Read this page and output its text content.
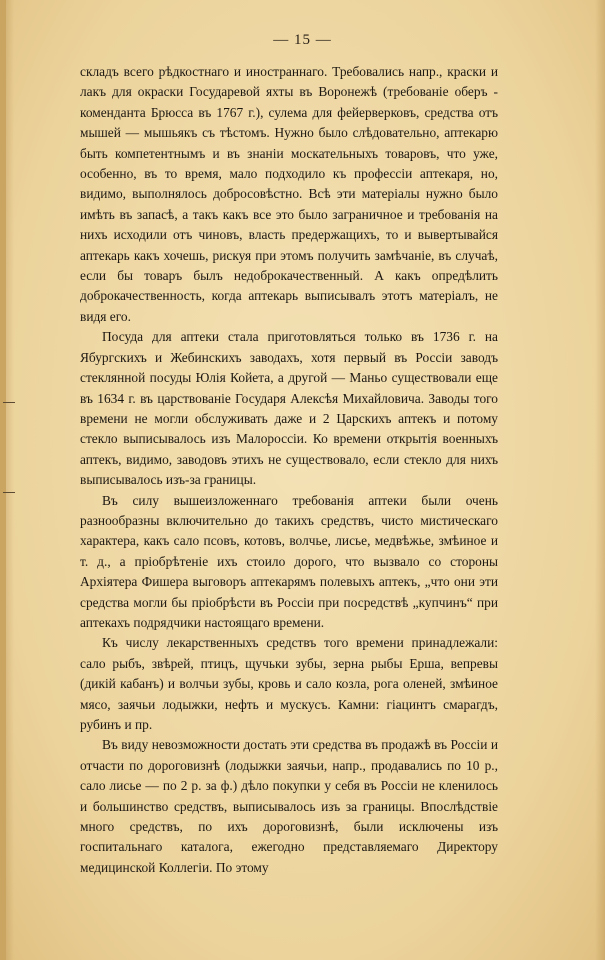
— 15 —

складъ всего рѣдкостнаго и иностраннаго. Требовались напр., краски и лакъ для окраски Государевой яхты въ Воронежѣ (требованіе оберъ - коменданта Брюсса въ 1767 г.), сулема для фейерверковъ, средства отъ мышей — мышьякъ съ тѣстомъ. Нужно было слѣдовательно, аптекарю быть компетентнымъ и въ знаніи москательныхъ товаровъ, что уже, особенно, въ то время, мало подходило къ профессіи аптекаря, но, видимо, выполнялось добросовѣстно. Всѣ эти матеріалы нужно было имѣть въ запасѣ, а такъ какъ все это было заграничное и требованія на нихъ исходили отъ чиновъ, власть предержащихъ, то и вывертывайся аптекарь какъ хочешь, рискуя при этомъ получить замѣчаніе, въ случаѣ, если бы товаръ былъ недоброкачественный. А какъ опредѣлить доброкачественность, когда аптекарь выписывалъ этотъ матеріалъ, не видя его.

Посуда для аптеки стала приготовляться только въ 1736 г. на Ябургскихъ и Жебинскихъ заводахъ, хотя первый въ Россіи заводъ стеклянной посуды Юлія Койета, а другой — Маньо существовали еще въ 1634 г. въ царствованіе Государя Алексѣя Михайловича. Заводы того времени не могли обслуживать даже и 2 Царскихъ аптекъ и потому стекло выписывалось изъ Малороссіи. Ко времени открытія военныхъ аптекъ, видимо, заводовъ этихъ не существовало, если стекло для нихъ выписывалось изъ-за границы.

Въ силу вышеизложеннаго требованія аптеки были очень разнообразны включительно до такихъ средствъ, чисто мистическаго характера, какъ сало псовъ, котовъ, волчье, лисье, медвѣжье, змѣиное и т. д., а пріобрѣтеніе ихъ стоило дорого, что вызвало со стороны Архіятера Фишера выговоръ аптекарямъ полевыхъ аптекъ, „что они эти средства могли бы пріобрѣсти въ Россіи при посредствѣ „купчинъ“ при аптекахъ подрядчики настоящаго времени.

Къ числу лекарственныхъ средствъ того времени принадлежали: сало рыбъ, звѣрей, птицъ, щучьки зубы, зерна рыбы Ерша, вепревы (дикій кабанъ) и волчьи зубы, кровь и сало козла, рога оленей, змѣиное мясо, заячьи лодыжки, нефть и мускусъ. Камни: гіацинтъ смарагдъ, рубинъ и пр.

Въ виду невозможности достать эти средства въ продажѣ въ Россіи и отчасти по дороговизнѣ (лодыжки заячьи, напр., продавались по 10 р., сало лисье — по 2 р. за ф.) дѣло покупки у себя въ Россіи не кленилось и большинство средствъ, выписывалось изъ за границы. Впослѣдствіе много средствъ, по ихъ дороговизнѣ, были исключены изъ госпитальнаго каталога, ежегодно представляемаго Директору медицинской Коллегіи. По этому
